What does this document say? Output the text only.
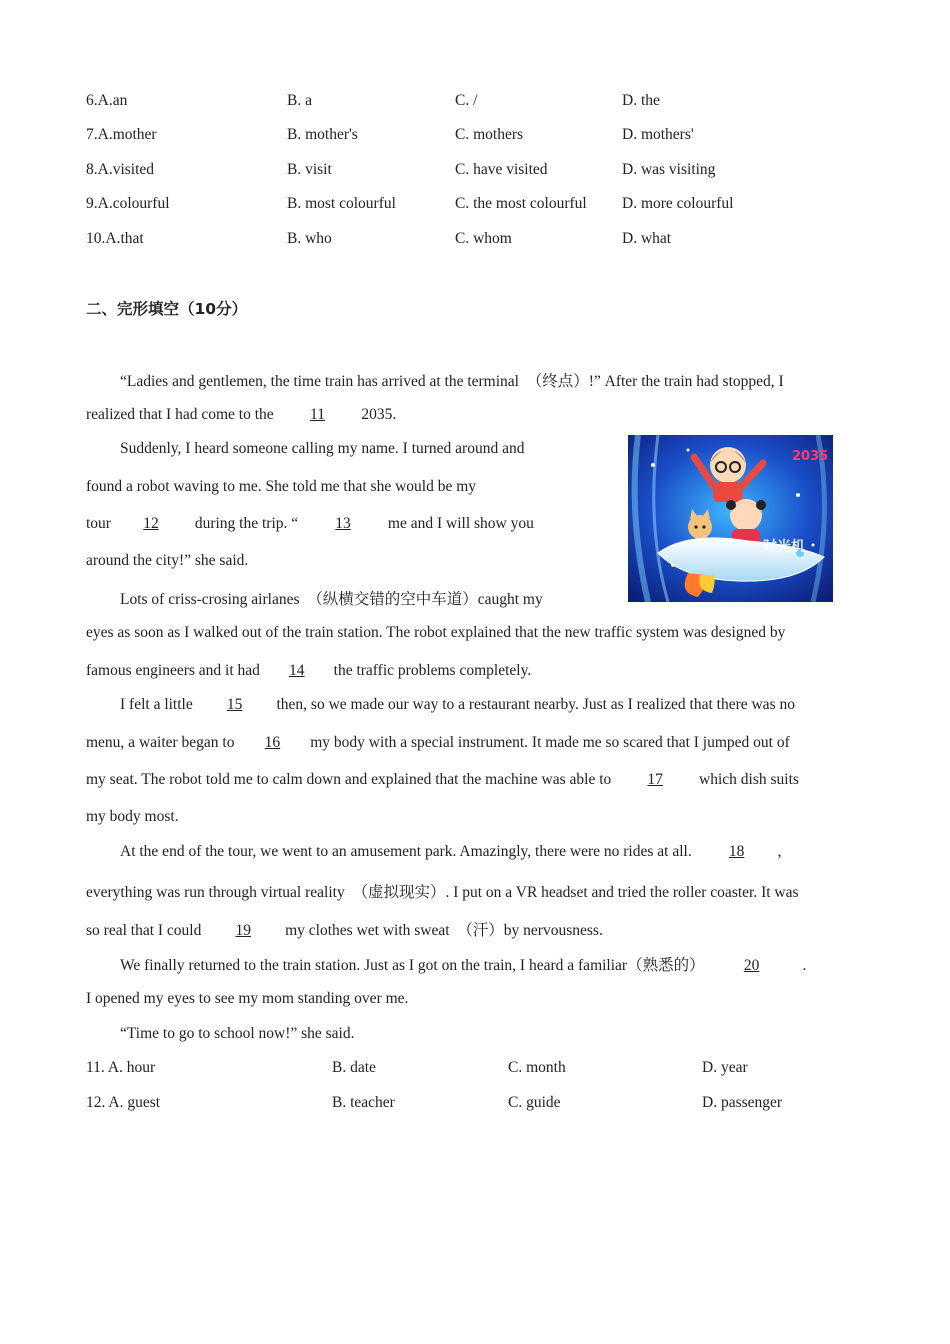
6.A.an	B. a	C. /	D. the
7.A.mother	B. mother's	C. mothers	D. mothers'
8.A.visited	B. visit	C. have visited	D. was visiting
9.A.colourful	B. most colourful	C. the most colourful D. more colourful
10.A.that	B. who	C. whom	D. what
二、完形填空（10分）
“Ladies and gentlemen, the time train has arrived at the terminal　（终点）!” After the train had stopped, I
realized that I had come to the 11 2035.
Suddenly, I heard someone calling my name. I turned around and
found a robot waving to me. She told me that she would be my
tour 12 during the trip. “ 13 me and I will show you
around the city!” she said.
Lots of criss-crosing airlanes　（纵横交错的空中车道）caught my
eyes as soon as I walked out of the train station. The robot explained that the new traffic system was designed by
famous engineers and it had 14 the traffic problems completely.
I felt a little 15 then, so we made our way to a restaurant nearby. Just as I realized that there was no
menu, a waiter began to 16 my body with a special instrument. It made me so scared that I jumped out of
my seat. The robot told me to calm down and explained that the machine was able to 17 which dish suits
my body most.
At the end of the tour, we went to an amusement park. Amazingly, there were no rides at all. 18 ,
everything was run through virtual reality　（虚拟现实）. I put on a VR headset and tried the roller coaster. It was
so real that I could 19 my clothes wet with sweat　（汗）by nervousness.
We finally returned to the train station. Just as I got on the train, I heard a familiar（熟悉的）	20	.
I opened my eyes to see my mom standing over me.
“Time to go to school now!” she said.
11. A. hour	B. date	C. month	D. year
12. A. guest	B. teacher	C. guide	D. passenger
2035
时光机
